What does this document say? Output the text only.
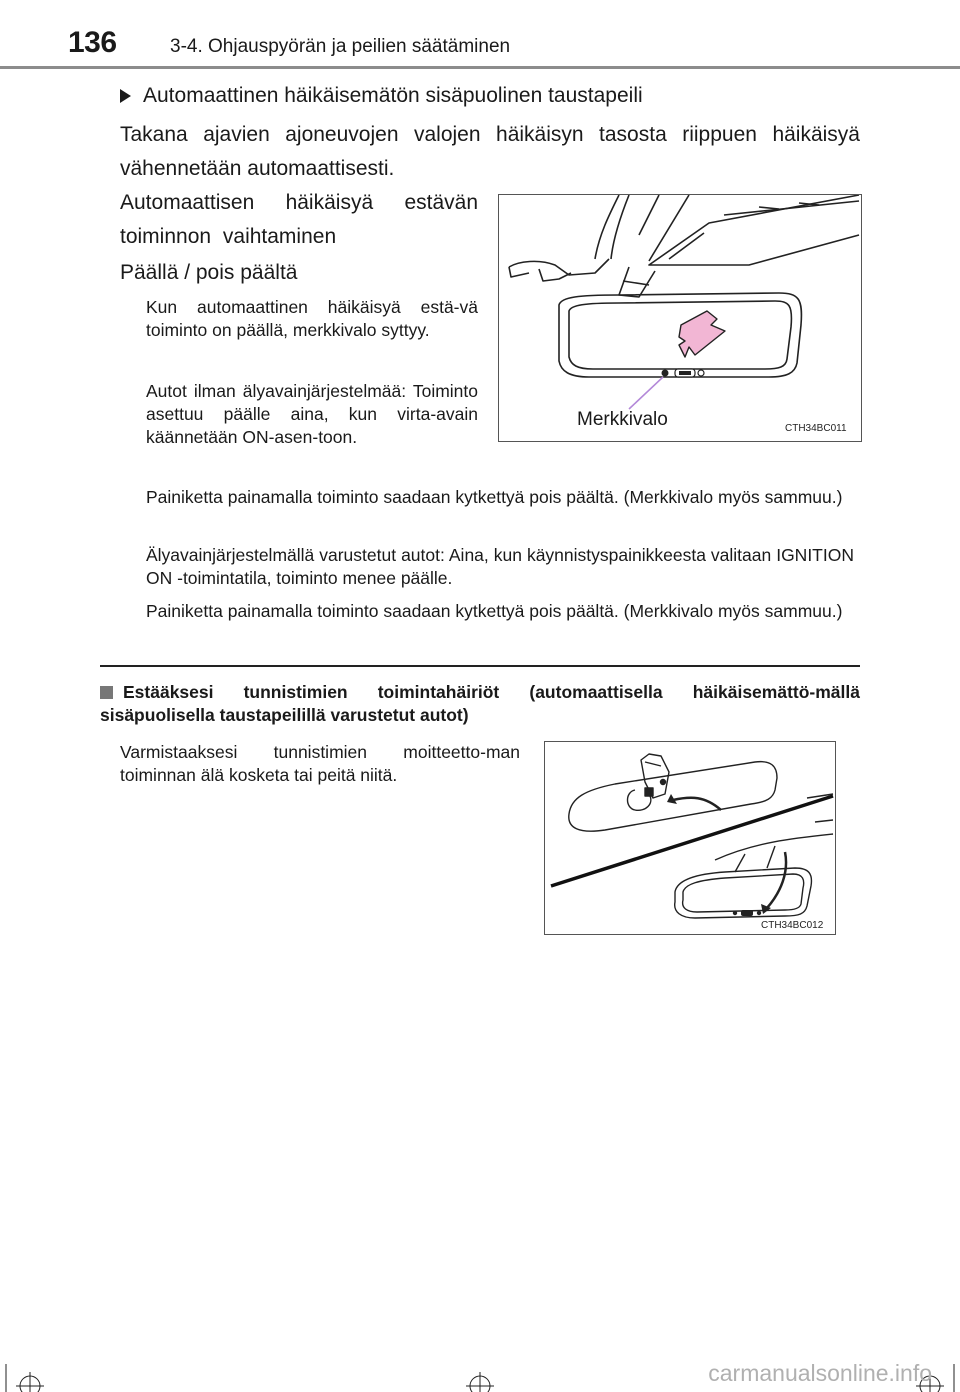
136	3-4. Ohjauspyörän ja peilien säätäminen
Automaattinen häikäisemätön sisäpuolinen taustapeili
Takana ajavien ajoneuvojen valojen häikäisyn tasosta riippuen häikäisyä vähennetään automaattisesti.
Automaattisen häikäisyä estävän toiminnon vaihtaminen
Päällä / pois päältä
Kun automaattinen häikäisyä estä-vä toiminto on päällä, merkkivalo syttyy.
Autot ilman älyavainjärjestelmää: Toiminto asettuu päälle aina, kun virta-avain käännetään ON-asen-toon.
Painiketta painamalla toiminto saadaan kytkettyä pois päältä. (Merkkivalo myös sammuu.)
Älyavainjärjestelmällä varustetut autot: Aina, kun käynnistyspainikkeesta valitaan IGNITION ON -toimintatila, toiminto menee päälle.
Painiketta painamalla toiminto saadaan kytkettyä pois päältä. (Merkkivalo myös sammuu.)
Merkkivalo	CTH34BC011
Estääksesi tunnistimien toimintahäiriöt (automaattisella häikäisemättö-mällä sisäpuolisella taustapeilillä varustetut autot)
Varmistaaksesi tunnistimien moitteetto-man toiminnan älä kosketa tai peitä niitä.
CTH34BC012
carmanualsonline.info
